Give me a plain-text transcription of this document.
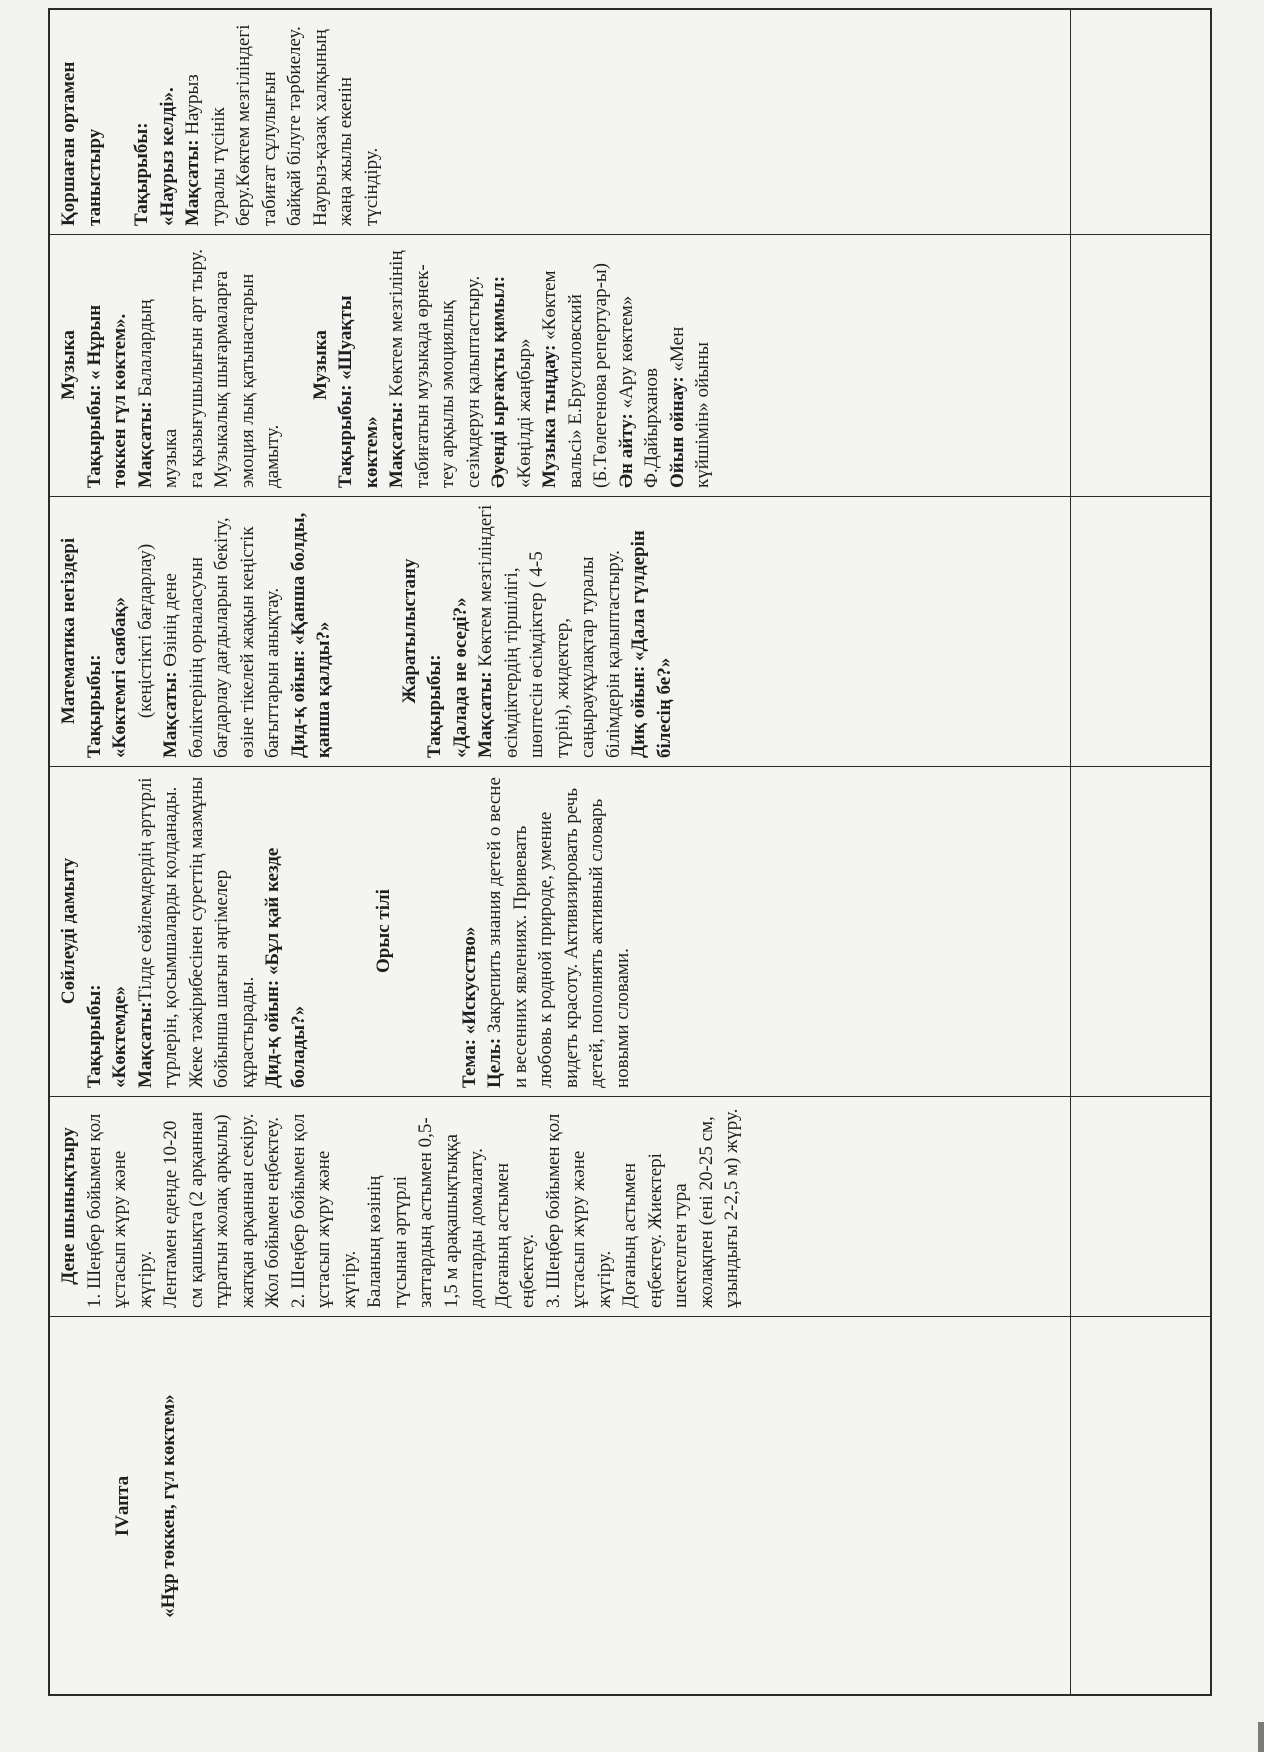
IVапта «Нұр төккен, гүл көктем»

Дене шынықтыру 1. Шеңбер бойымен қол ұстасып жүру және жүгіру. Лентамен еденде 10-20 см қашықта (2 арқаннан тұратын жолақ арқылы) жатқан арқаннан секіру. Жол бойымен еңбектеу. 2. Шеңбер бойымен қол ұстасып жүру және жүгіру. Баланың көзінің түсынан әртүрлі заттардың астымен 0,5-1,5 м арақашықтыққа доптарды домалату. Доғаның астымен еңбектеу. 3. Шеңбер бойымен қол ұстасып жүру және жүгіру. Доғаның астымен еңбектеу. Жиектері шектелген тура жолақпен (ені 20-25 см, ұзындығы 2-2,5 м) жүру.

Сөйлеуді дамыту

Тақырыбы: «Көктемде» Мақсаты:Тілде сөйлемдердің әртүрлі түрлерін, қосымшаларды қолданады. Жеке тәжірибесінен суреттің мазмұны бойынша шағын әңгімелер құрастырады. Дид-қ ойын: «Бұл қай кезде болады?»

Орыс тілі

Тема: «Искусство»

Цель: Закрепить знания детей о весне и весенних явлениях. Привевать любовь к родной природе, умение видеть красоту. Активизировать речь детей, пополнять активный словарь новыми словами.

Математика негіздері Тақырыбы: «Көктемгі саябақ» (кеңістікті бағдарлау) Мақсаты: Өзінің дене бөліктерінің орналасуын бағдарлау дағдыларын бекіту, өзіне тікелей жақын кеңістік бағыттарын анықтау. Дид-қ ойын: «Қанша болды, қанша қалды?»	Жаратылыстану

Тақырыбы: «Далада не өседі?» Мақсаты: Көктем мезгіліндегі өсімдіктердің тіршілігі, шөптесін өсімдіктер ( 4-5 түрін), жидектер, саңырауқұлақтар туралы білімдерін қалыптастыру. Диқ ойын: «Дала гүлдерін білесің бе?»

Музыка

Тақырыбы: « Нұрын төккен гүл көктем». Мақсаты: Балалардың музыка ға қызығушылығын арт тыру. Музыкалық шығармаларға эмоция лық қатынастарын дамыту.

Музыка

Тақырыбы: «Шуақты көктем» Мақсаты: Көктем мезгілінің табиғатын музыкада өрнек-теу арқылы эмоциялық сезімдерун қалыптастыру. Әуенді ырғақты қимыл: «Көңілді жаңбыр» Музыка тыңдау: «Көктем вальсі» Е.Брусиловский (Б.Төлегенова репертуар-ы) Ән айту: «Ару көктем» Ф.Дайырханов Ойын ойнау: «Мен күйшімін» ойыны

Қоршаған ортамен таныстыру Тақырыбы: «Наурыз келді». Мақсаты: Наурыз туралы түсінік беру.Көктем мезгіліндегі табиғат сұлулығын байқай білуге тәрбиелеу. Наурыз-қазақ халқының жаңа жылы екенін түсіндіру.
